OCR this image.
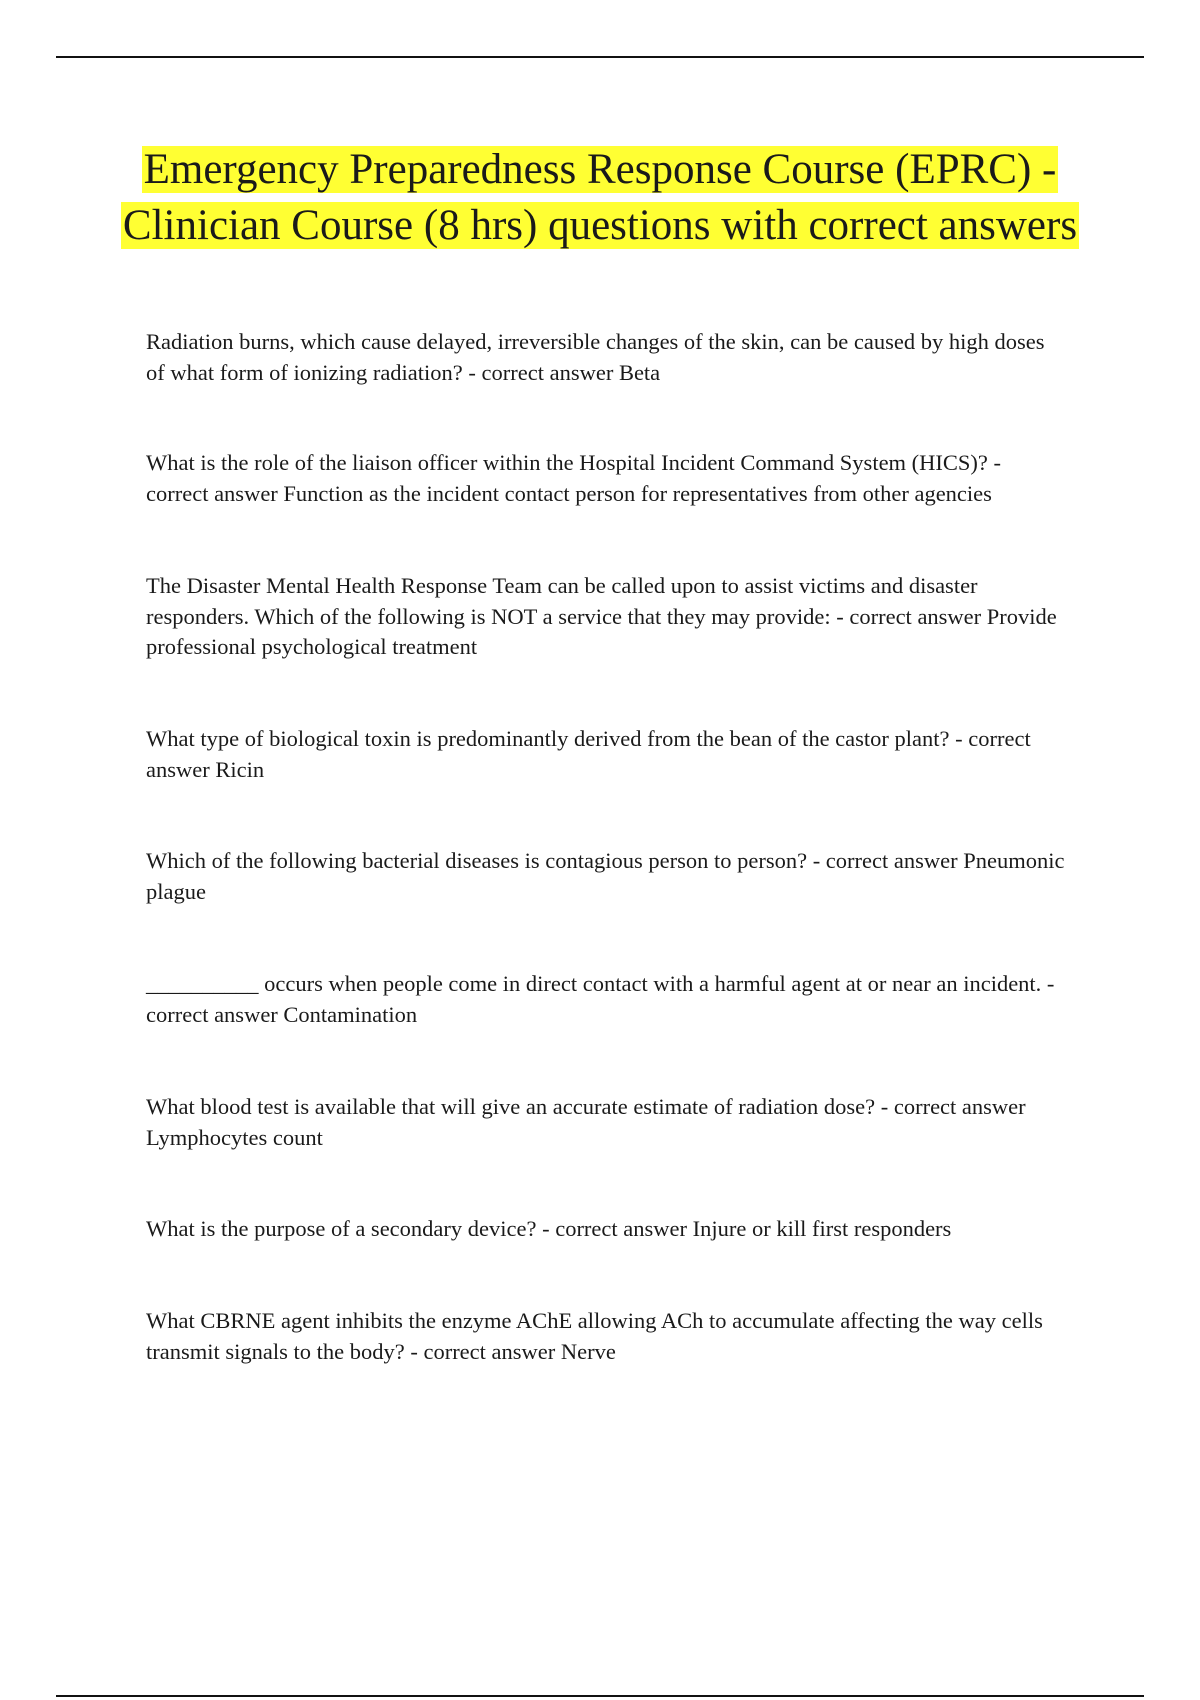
Emergency Preparedness Response Course (EPRC) - Clinician Course (8 hrs) questions with correct answers

Radiation burns, which cause delayed, irreversible changes of the skin, can be caused by high doses of what form of ionizing radiation? - correct answer Beta

What is the role of the liaison officer within the Hospital Incident Command System (HICS)? - correct answer Function as the incident contact person for representatives from other agencies

The Disaster Mental Health Response Team can be called upon to assist victims and disaster responders. Which of the following is NOT a service that they may provide: - correct answer Provide professional psychological treatment

What type of biological toxin is predominantly derived from the bean of the castor plant? - correct answer Ricin

Which of the following bacterial diseases is contagious person to person? - correct answer Pneumonic plague

__________ occurs when people come in direct contact with a harmful agent at or near an incident. - correct answer Contamination

What blood test is available that will give an accurate estimate of radiation dose? - correct answer Lymphocytes count

What is the purpose of a secondary device? - correct answer Injure or kill first responders

What CBRNE agent inhibits the enzyme AChE allowing ACh to accumulate affecting the way cells transmit signals to the body? - correct answer Nerve
